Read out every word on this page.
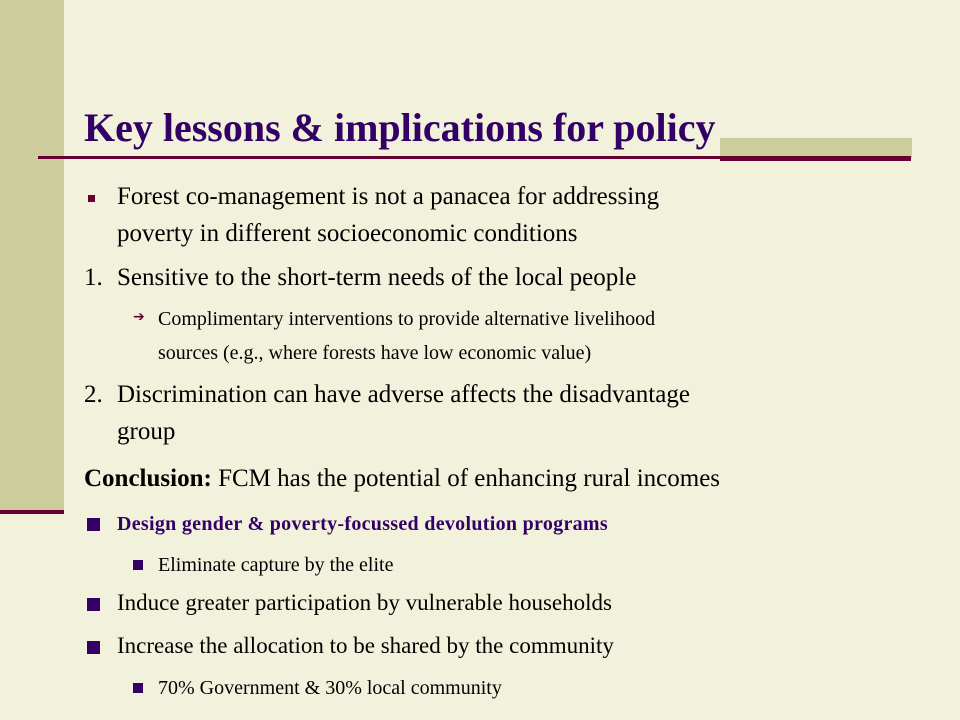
Key lessons & implications for policy
Forest co-management is not a panacea for addressing
poverty in different socioeconomic conditions
1. Sensitive to the short-term needs of the local people
➔ Complimentary interventions to provide alternative livelihood
sources (e.g., where forests have low economic value)
2. Discrimination can have adverse affects the disadvantage
group
Conclusion: FCM has the potential of enhancing rural incomes
Design gender & poverty-focussed devolution programs
Eliminate capture by the elite
Induce greater participation by vulnerable households
Increase the allocation to be shared by the community
70% Government & 30% local community
